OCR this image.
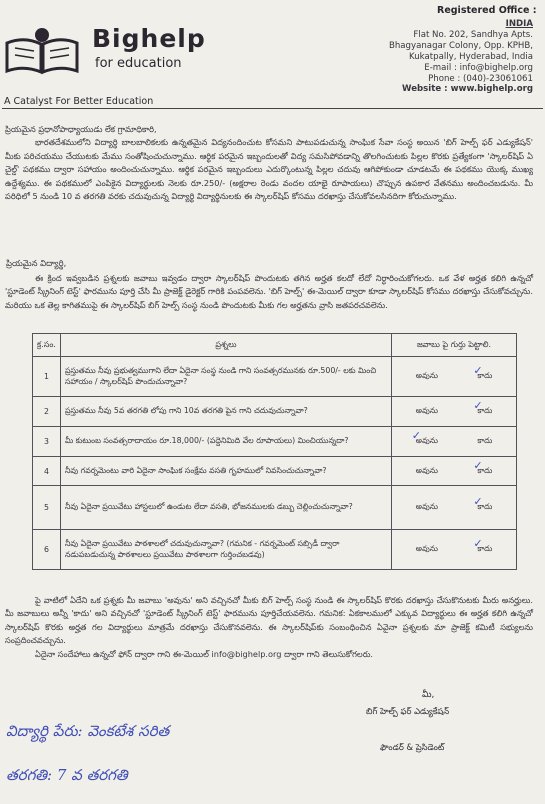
Bighelp
for education
A Catalyst For Better Education
Registered Office :
INDIA
Flat No. 202, Sandhya Apts.
Bhagyanagar Colony, Opp. KPHB,
Kukatpally, Hyderabad, India
E-mail : info@bighelp.org
Phone : (040)-23061061
Website : www.bighelp.org
ప్రియమైన ప్రధానోపాధ్యాయుడు లేక గ్రామాధికారి,
భారతదేశములోని విద్యార్థి బాలబాలికలకు ఉన్నతమైన విద్యనందించుట కోసమని పాటుపడుచున్న సాంఘిక సేవా సంస్థ అయిన 'బిగ్ హెల్ప్ ఫర్ ఎడ్యుకేషన్' మీకు పరిచయము చేయుటకు మేము సంతోషించుచున్నాము. ఆర్థిక పరమైన ఇబ్బందులతో విద్య సమసిపోవడాన్ని తొలగించుటకు పిల్లల కొరకు ప్రత్యేకంగా 'స్కాలర్‌షిప్ ఏ చైల్డ్' పథకము ద్వారా సహాయం అందించుచున్నాము. ఆర్థిక పరమైన ఇబ్బందులు ఎదుర్కొంటున్న పిల్లల చదువు ఆగిపోకుండా చూడటమే ఈ పథకము యొక్క ముఖ్య ఉద్దేశ్యము. ఈ పథకములో ఎంపికైన విద్యార్థులకు నెలకు రూ.250/- (అక్షరాల రెండు వందల యాభై రూపాయలు) చొప్పున ఉపకార వేతనము అందించబడును. మీ పరిధిలో 5 నుండి 10 వ తరగతి వరకు చదువుచున్న విద్యార్థి విద్యార్థినులకు ఈ స్కాలర్‌షిప్ కోసము దరఖాస్తు చేసుకోవలసినదిగా కోరుచున్నాము.
ప్రియమైన విద్యార్థి,
ఈ క్రింద ఇవ్వబడిన ప్రశ్నలకు జవాబు ఇవ్వడం ద్వారా స్కాలర్‌షిప్ పొందుటకు తగిన అర్హత కలదో లేదో నిర్ధారించుకోగలరు. ఒక వేళ అర్హత కలిగి ఉన్నచో 'స్టూడెంట్ స్క్రీనింగ్ టెస్ట్' ఫారమును పూర్తి చేసి మీ ప్రాజెక్ట్ డైరెక్టర్ గారికి పంపవలెను. 'బిగ్ హెల్ప్' ఈ-మెయిల్ ద్వారా కూడా స్కాలర్‌షిప్ కోసము దరఖాస్తు చేసుకోవచ్చును. మరియు ఒక తెల్ల కాగితముపై ఈ స్కాలర్‌షిప్ బిగ్ హెల్ప్ సంస్థ నుండి పొందుటకు మీకు గల అర్హతను వ్రాసి జతపరచవలెను.
క్ర.సం.	ప్రశ్నలు	జవాబు పై గుర్తు పెట్టాలి.
1	ప్రస్తుతము నీవు ప్రభుత్వముగాని లేదా ఏదైనా సంస్థ నుండి గాని సంవత్సరమునకు రూ.500/- లకు మించి సహాయం / స్కాలర్‌షిప్ పొందుచున్నావా?	అవును కాదు
✓

2	ప్రస్తుతము నీవు 5వ తరగతి లోపు గాని 10వ తరగతి పైన గాని చదువుచున్నావా?	అవును కాదు
✓

3	మీ కుటుంబ సంవత్సరాదాయం రూ.18,000/- (పద్దెనిమిది వేల రూపాయలు) మించియున్నదా?	అవును
✓ కాదు

4	నీవు గవర్నమెంటు వారి ఏదైనా సాంఘిక సంక్షేమ వసతి గృహములో నివసించుచున్నావా?	అవును కాదు
✓

5	నీవు ఏదైనా ప్రయివేటు హాస్టలులో ఉండుట లేదా వసతి, భోజనములకు డబ్బు చెల్లించుచున్నావా?	అవును కాదు
✓

6	నీవు ఏదైనా ప్రయివేటు పాఠశాలలో చదువుచున్నావా? (గమనిక - గవర్నమెంట్ సబ్సిడీ ద్వారా నడుపబడుచున్న పాఠశాలలు ప్రయివేటు పాఠశాలగా గుర్తించబడవు)	అవును కాదు
✓
పై వాటిలో ఏదేని ఒక ప్రశ్నకు మీ జవాబు 'అవును' అని వచ్చినచో మీకు బిగ్ హెల్ప్ సంస్థ నుండి ఈ స్కాలర్‌షిప్ కొరకు దరఖాస్తు చేసుకొనుటకు మీరు అనర్హులు. మీ జవాబులు అన్నీ 'కాదు' అని వచ్చినచో 'స్టూడెంట్ స్క్రీనింగ్ టెస్ట్' ఫారమును పూర్తిచేయవలెను. గమనిక: ఏకకాలములో ఎక్కువ విద్యార్థులు ఈ అర్హత కలిగి ఉన్నచో స్కాలర్‌షిప్ కొరకు అర్హత గల విద్యార్థులు మాత్రమే దరఖాస్తు చేసుకొనవలెను. ఈ స్కాలర్‌షిప్‌కు సంబంధించిన ఏవైనా ప్రశ్నలకు మా ప్రాజెక్ట్ కమిటీ సభ్యులను సంప్రదించవచ్చును.
ఏదైనా సందేహాలు ఉన్నచో ఫోన్ ద్వారా గాని ఈ-మెయిల్ info@bighelp.org ద్వారా గాని తెలుసుకోగలరు.
మీ,
బిగ్ హెల్ప్ ఫర్ ఎడ్యుకేషన్
ఫౌండర్ & ప్రెసిడెంట్
విద్యార్థి పేరు: వెంకటేశ సరిత
తరగతి: 7 వ తరగతి
